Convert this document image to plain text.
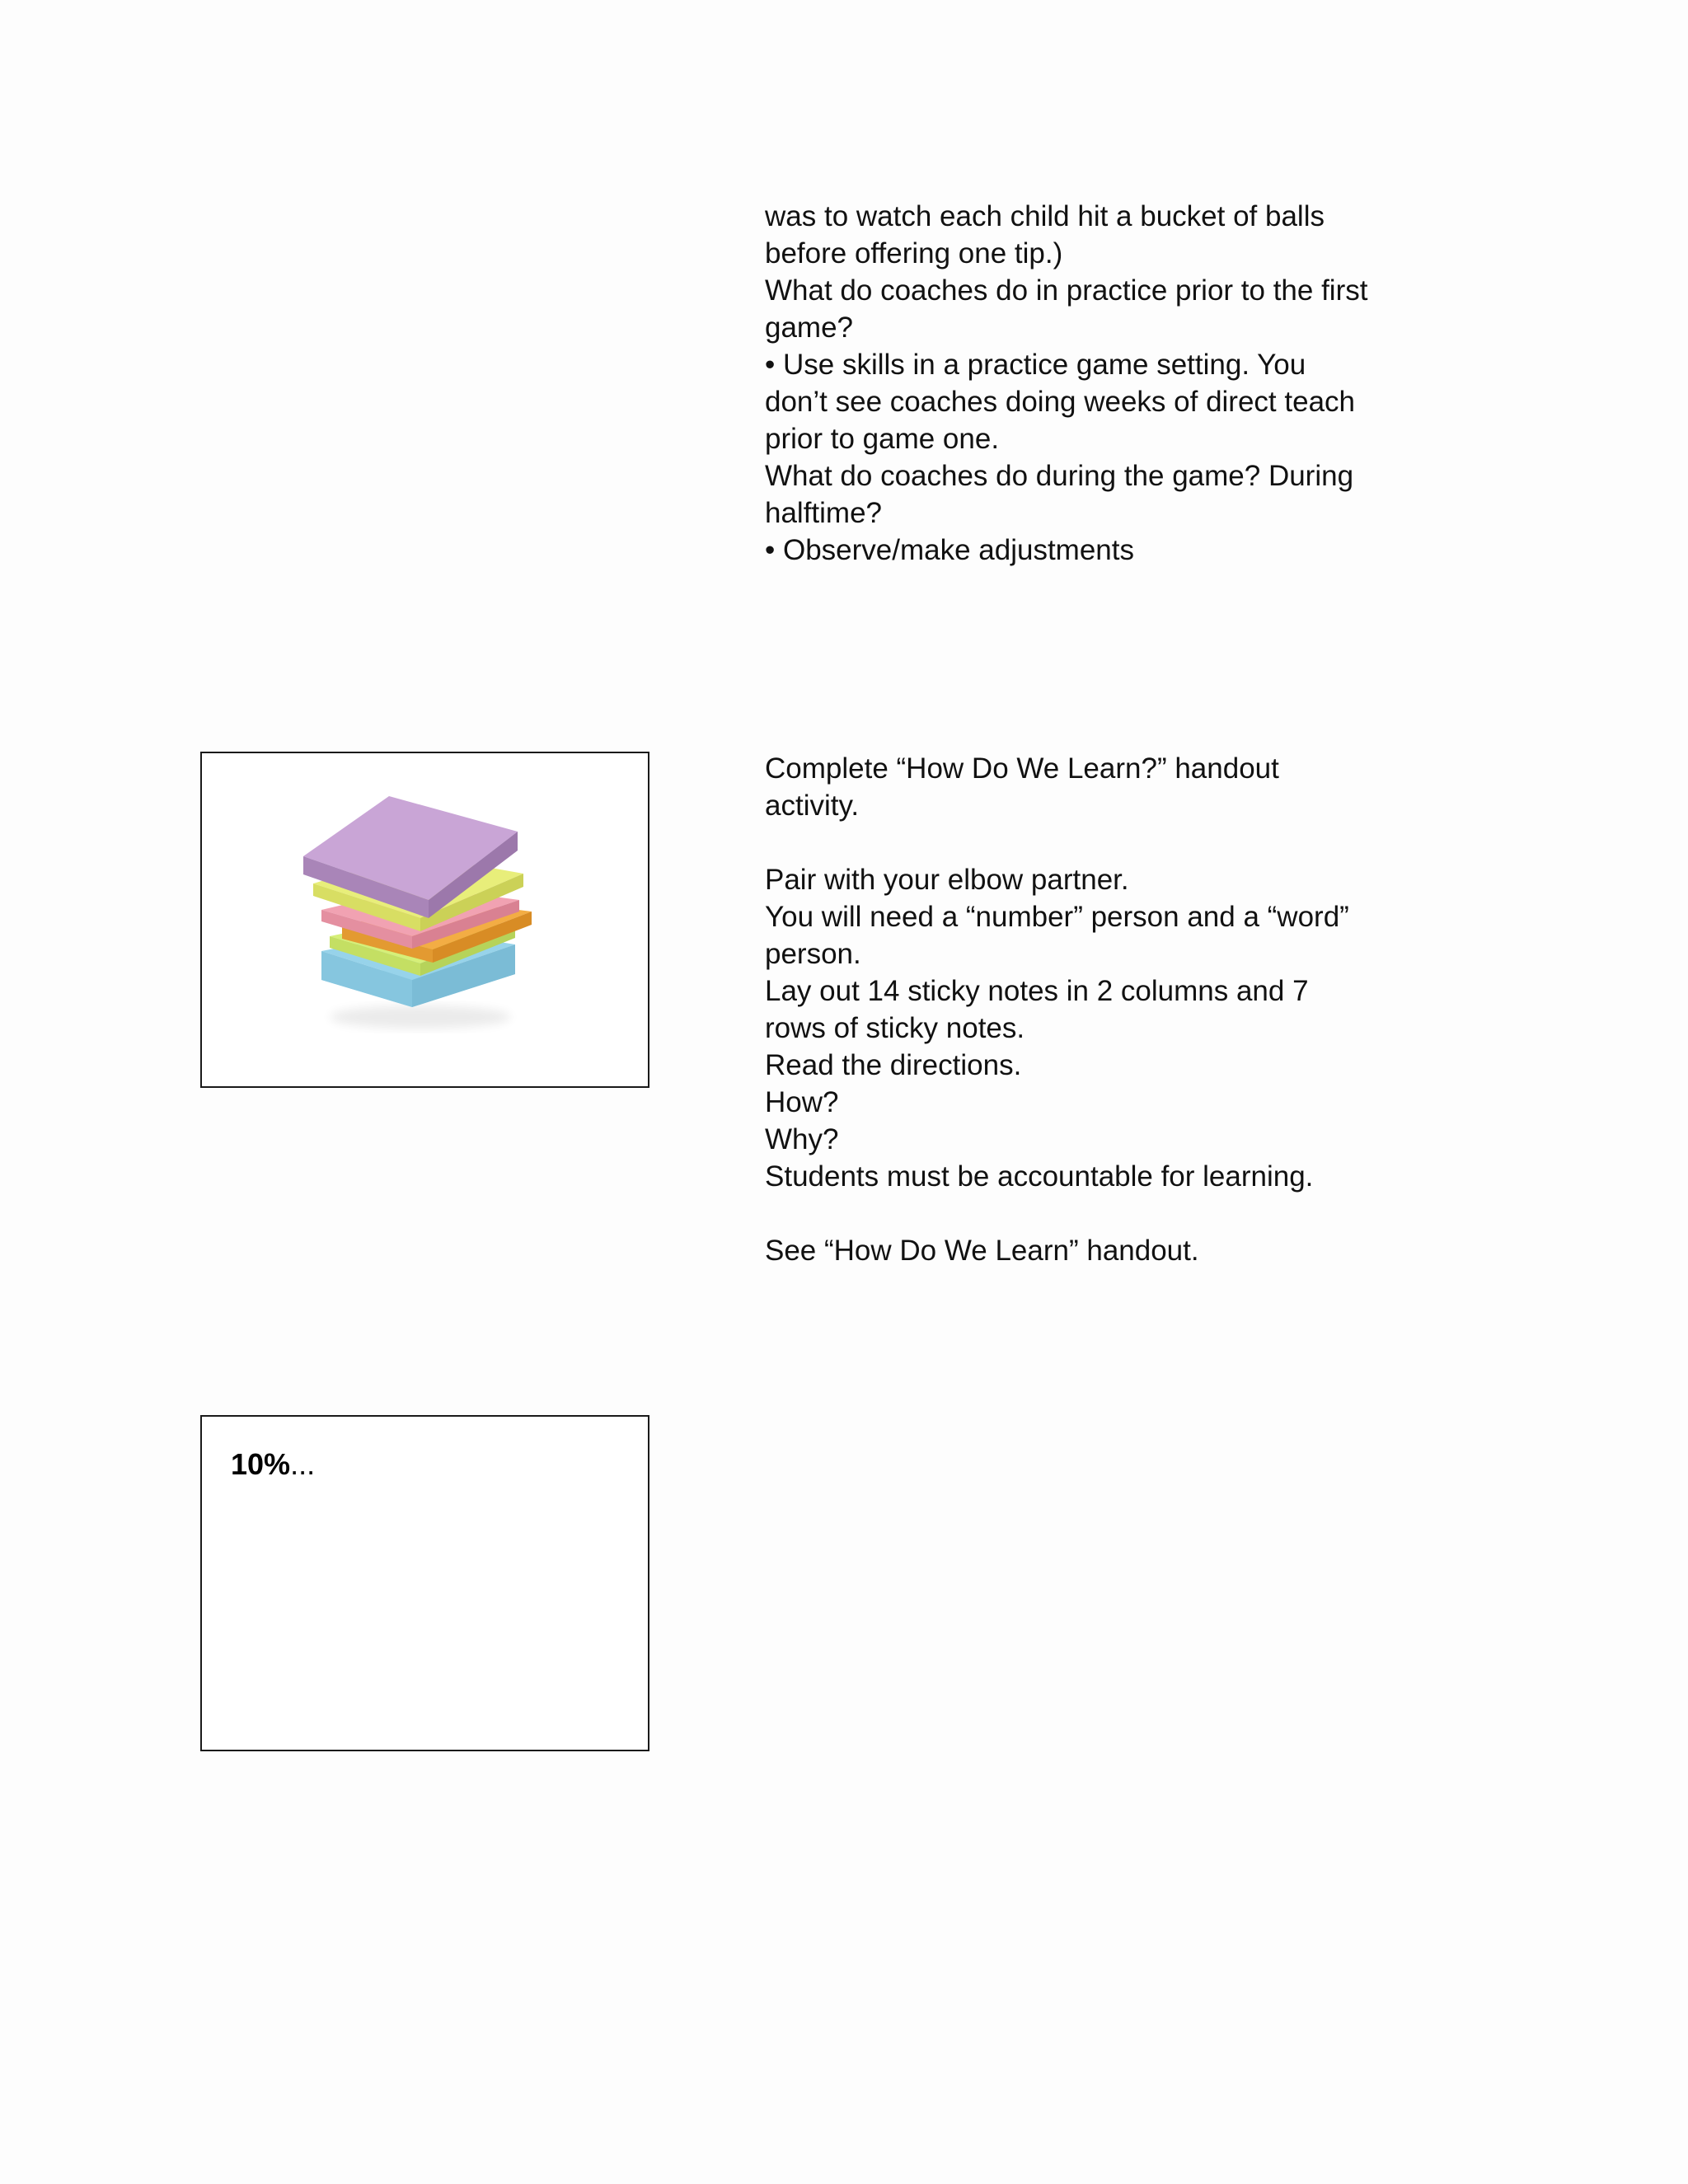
was to watch each child hit a bucket of balls before offering one tip.)

What do coaches do in practice prior to the first game?

• Use skills in a practice game setting. You don’t see coaches doing weeks of direct teach prior to game one.

What do coaches do during the game? During halftime?

• Observe/make adjustments

Complete “How Do We Learn?” handout activity.

Pair with your elbow partner.

You will need a “number” person and a “word” person.

Lay out 14 sticky notes in 2 columns and 7 rows of sticky notes.

Read the directions.

How?

Why?

Students must be accountable for learning.

See “How Do We Learn” handout.

10%...
